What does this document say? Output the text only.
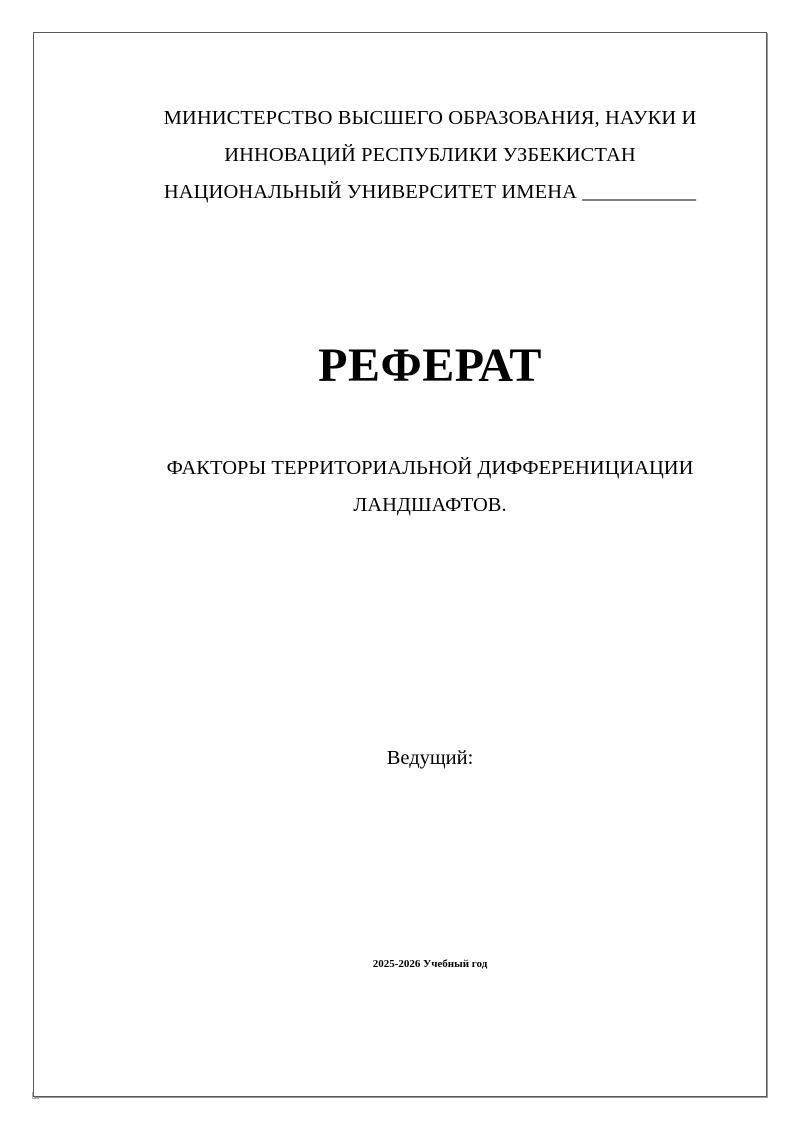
МИНИСТЕРСТВО ВЫСШЕГО ОБРАЗОВАНИЯ, НАУКИ И
ИННОВАЦИЙ РЕСПУБЛИКИ УЗБЕКИСТАН
НАЦИОНАЛЬНЫЙ УНИВЕРСИТЕТ ИМЕНА ___________
РЕФЕРАТ
ФАКТОРЫ ТЕРРИТОРИАЛЬНОЙ ДИФФЕРЕНИЦИАЦИИ
ЛАНДШАФТОВ.
Ведущий:
2025-2026 Учебный год
